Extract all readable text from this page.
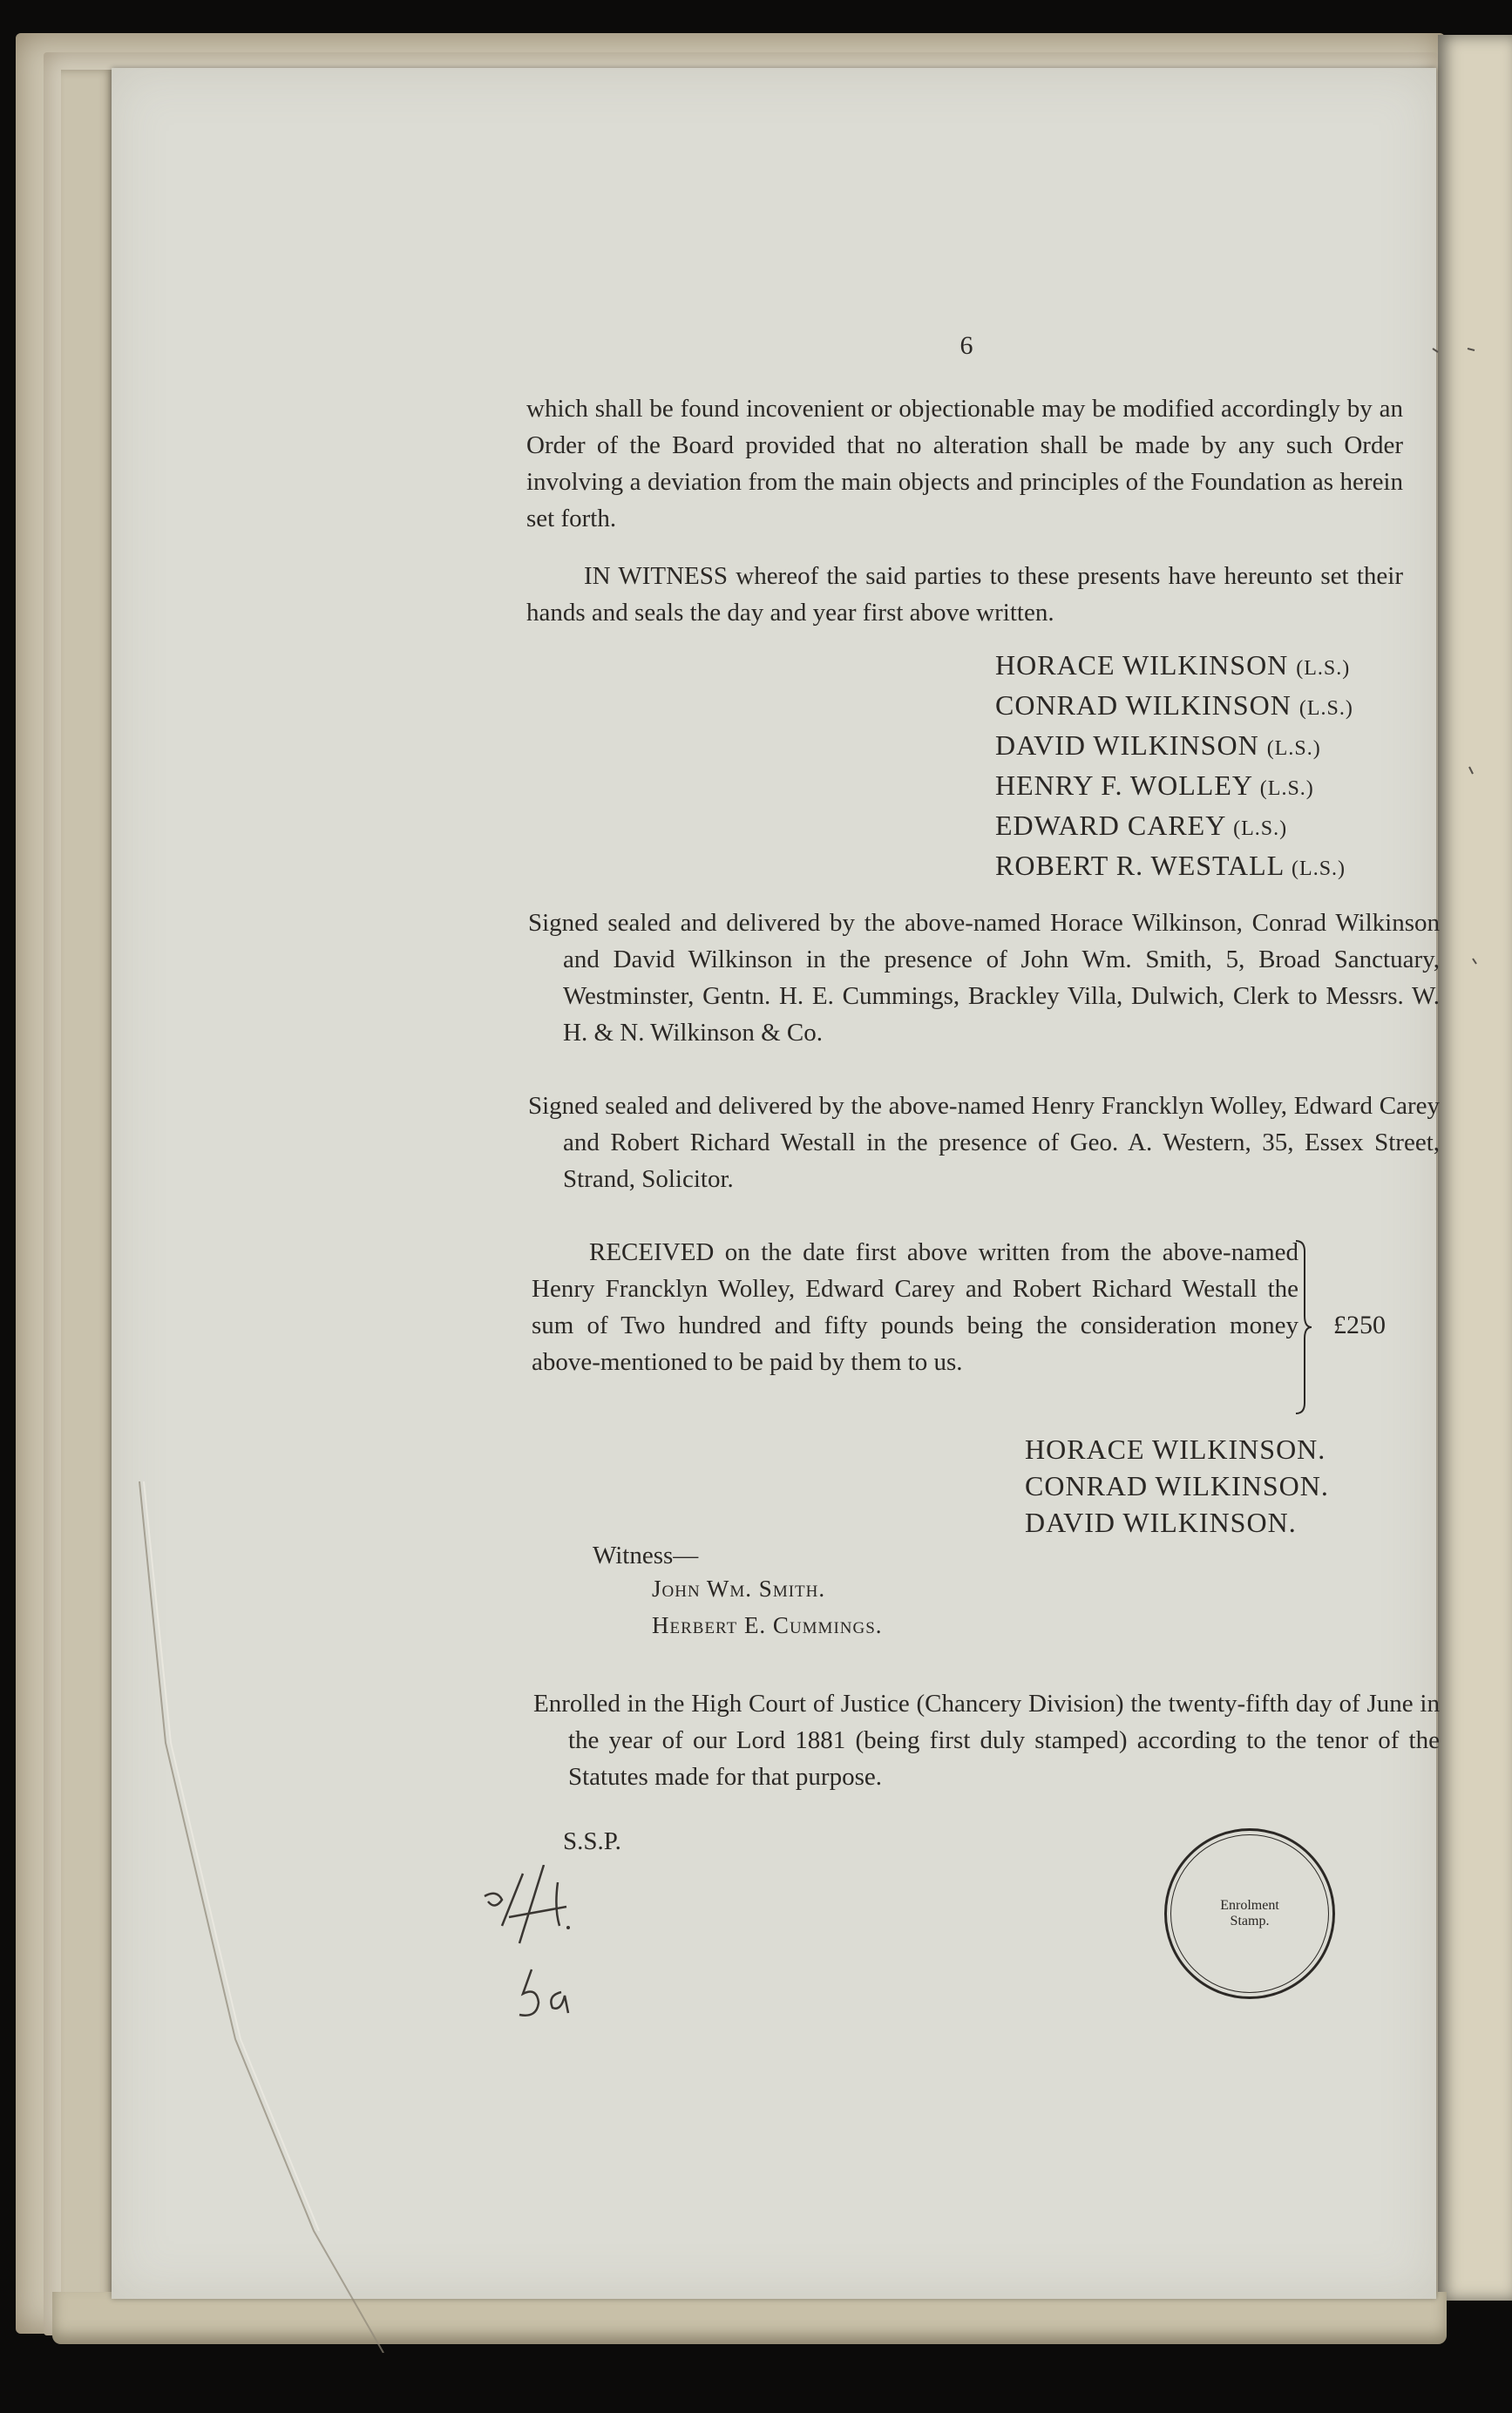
6
which shall be found incovenient or objectionable may be modified accordingly by an Order of the Board provided that no alteration shall be made by any such Order involving a deviation from the main objects and principles of the Foundation as herein set forth.
IN WITNESS whereof the said parties to these presents have hereunto set their hands and seals the day and year first above written.
HORACE WILKINSON (L.S.)
CONRAD WILKINSON (L.S.)
DAVID WILKINSON (L.S.)
HENRY F. WOLLEY (L.S.)
EDWARD CAREY (L.S.)
ROBERT R. WESTALL (L.S.)
Signed sealed and delivered by the above-named Horace Wilkinson, Conrad Wilkinson and David Wilkinson in the presence of John Wm. Smith, 5, Broad Sanctuary, Westminster, Gentn. H. E. Cummings, Brackley Villa, Dulwich, Clerk to Messrs. W. H. & N. Wilkinson & Co.
Signed sealed and delivered by the above-named Henry Francklyn Wolley, Edward Carey and Robert Richard Westall in the presence of Geo. A. Western, 35, Essex Street, Strand, Solicitor.
RECEIVED on the date first above written from the above-named Henry Francklyn Wolley, Edward Carey and Robert Richard Westall the sum of Two hundred and fifty pounds being the consideration money above-mentioned to be paid by them to us.
£250
HORACE WILKINSON.
CONRAD WILKINSON.
DAVID WILKINSON.
Witness—
John Wm. Smith.
Herbert E. Cummings.
Enrolled in the High Court of Justice (Chancery Division) the twenty-fifth day of June in the year of our Lord 1881 (being first duly stamped) according to the tenor of the Statutes made for that purpose.
S.S.P.
Enrolment Stamp.
